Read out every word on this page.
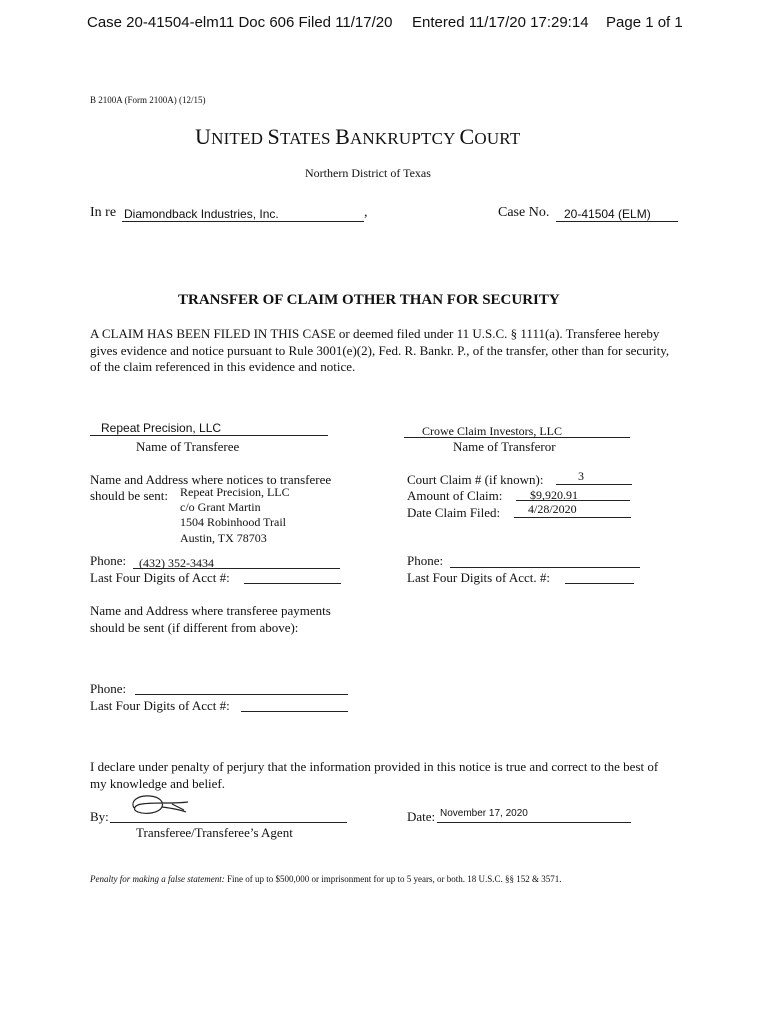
Case 20-41504-elm11 Doc 606 Filed 11/17/20 Entered 11/17/20 17:29:14 Page 1 of 1
B 2100A (Form 2100A) (12/15)
UNITED STATES BANKRUPTCY COURT
Northern District of Texas
In re Diamondback Industries, Inc.	,	Case No. 20-41504 (ELM)
TRANSFER OF CLAIM OTHER THAN FOR SECURITY
A CLAIM HAS BEEN FILED IN THIS CASE or deemed filed under 11 U.S.C. § 1111(a). Transferee hereby gives evidence and notice pursuant to Rule 3001(e)(2), Fed. R. Bankr. P., of the transfer, other than for security, of the claim referenced in this evidence and notice.
Repeat Precision, LLC
Name of Transferee
Crowe Claim Investors, LLC
Name of Transferor
Name and Address where notices to transferee
should be sent: Repeat Precision, LLC
c/o Grant Martin
1504 Robinhood Trail
Austin, TX 78703
Court Claim # (if known):	3
Amount of Claim: $9,920.91
Date Claim Filed: 4/28/2020
Phone: (432) 352-3434
Last Four Digits of Acct #:
Phone:
Last Four Digits of Acct. #:
Name and Address where transferee payments
should be sent (if different from above):
Phone:
Last Four Digits of Acct #:
I declare under penalty of perjury that the information provided in this notice is true and correct to the best of my knowledge and belief.
By:
Transferee/Transferee’s Agent
Date: November 17, 2020
Penalty for making a false statement: Fine of up to $500,000 or imprisonment for up to 5 years, or both. 18 U.S.C. §§ 152 & 3571.
